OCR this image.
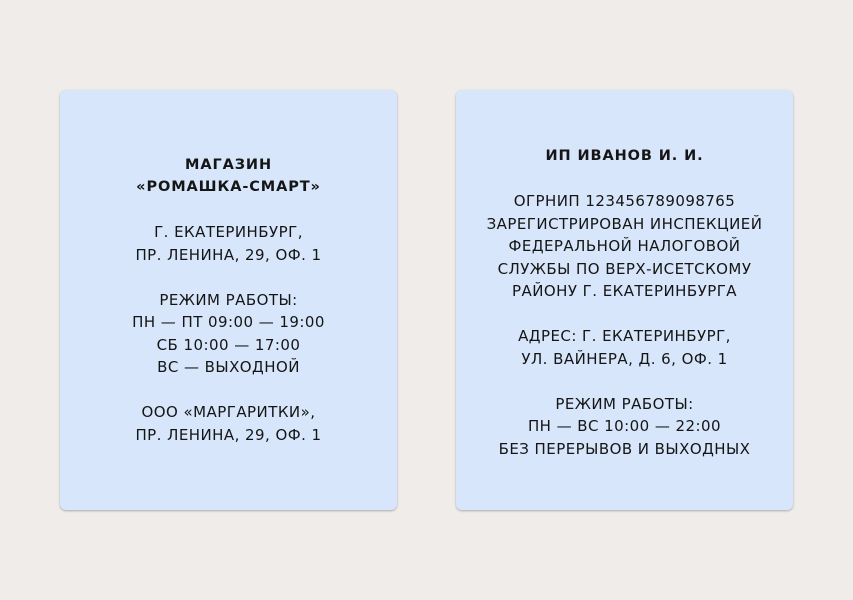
МАГАЗИН
«РОМАШКА-СМАРТ»
Г. ЕКАТЕРИНБУРГ,
ПР. ЛЕНИНА, 29, ОФ. 1
РЕЖИМ РАБОТЫ:
ПН — ПТ 09:00 — 19:00
СБ 10:00 — 17:00
ВС — ВЫХОДНОЙ
ООО «МАРГАРИТКИ»,
ПР. ЛЕНИНА, 29, ОФ. 1
ИП ИВАНОВ И. И.
ОГРНИП 123456789098765
ЗАРЕГИСТРИРОВАН ИНСПЕКЦИЕЙ
ФЕДЕРАЛЬНОЙ НАЛОГОВОЙ
СЛУЖБЫ ПО ВЕРХ-ИСЕТСКОМУ
РАЙОНУ Г. ЕКАТЕРИНБУРГА
АДРЕС: Г. ЕКАТЕРИНБУРГ,
УЛ. ВАЙНЕРА, Д. 6, ОФ. 1
РЕЖИМ РАБОТЫ:
ПН — ВС 10:00 — 22:00
БЕЗ ПЕРЕРЫВОВ И ВЫХОДНЫХ
